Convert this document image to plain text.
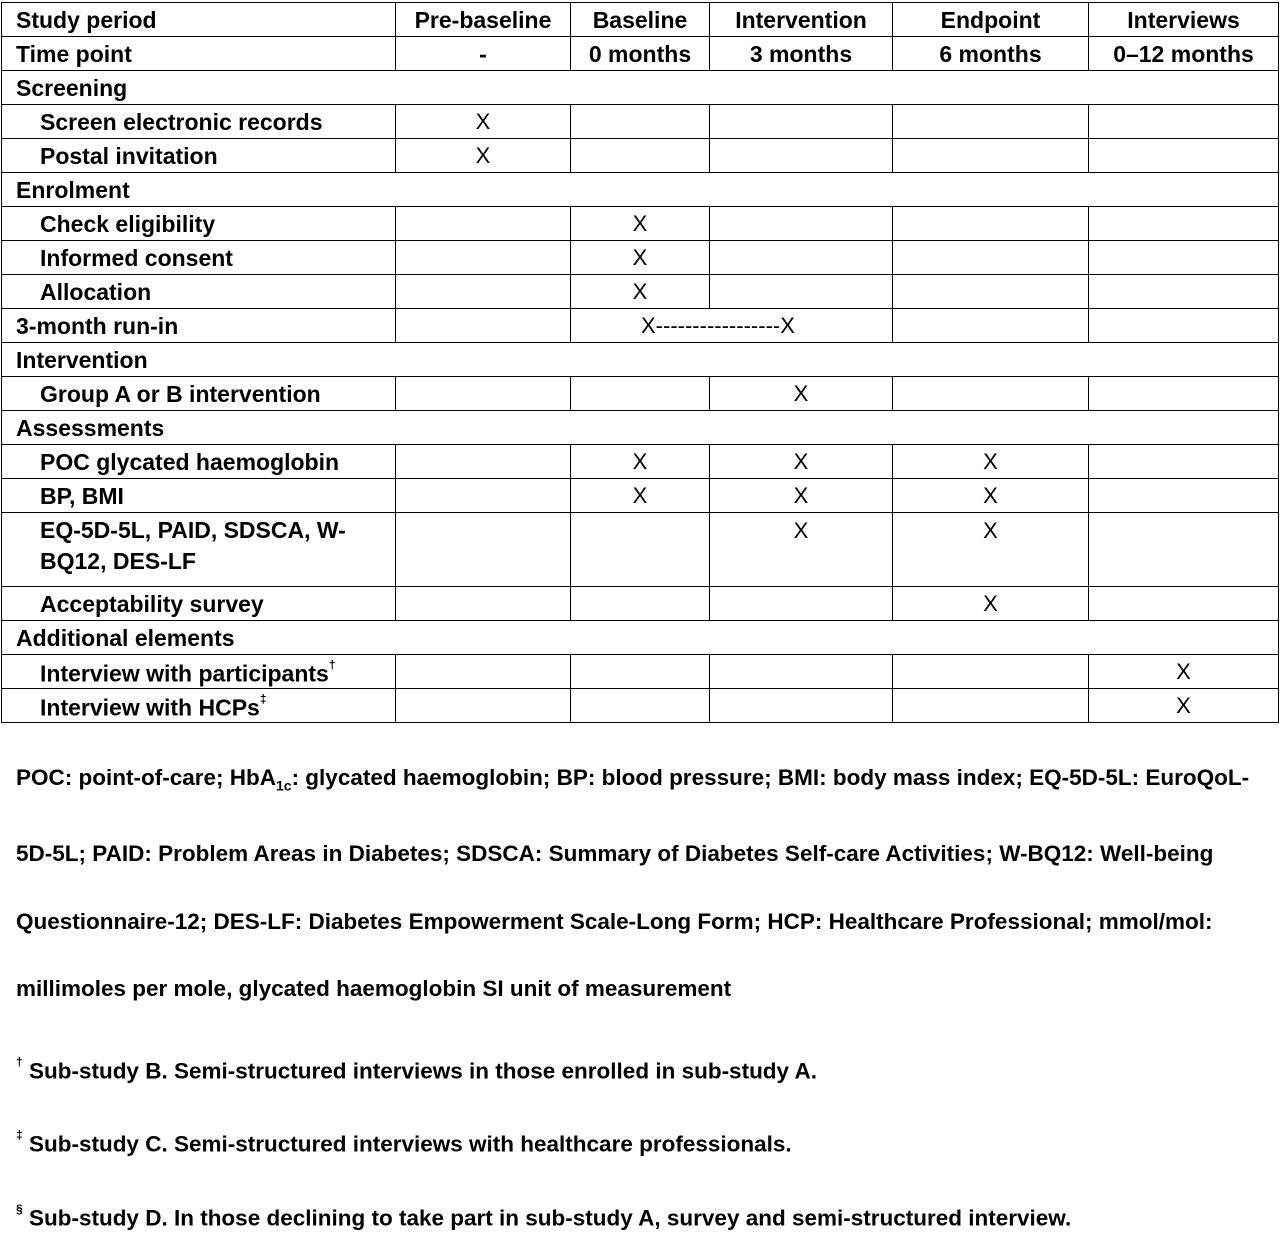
Study period	Pre-baseline	Baseline	Intervention	Endpoint	Interviews
Time point	-	0 months	3 months	6 months	0–12 months
Screening					
Screen electronic records	X				
Postal invitation	X				
Enrolment					
Check eligibility		X			
Informed consent		X			
Allocation		X			
3-month run-in		X-----------------X			
Intervention					
Group A or B intervention			X		
Assessments					
POC glycated haemoglobin		X	X	X	
BP, BMI		X	X	X	
EQ-5D-5L, PAID, SDSCA, W-BQ12, DES-LF			X	X	
Acceptability survey				X	
Additional elements					
Interview with participants†					X
Interview with HCPs‡					X

POC: point-of-care; HbA$_{1c}$: glycated haemoglobin; BP: blood pressure; BMI: body mass index; EQ-5D-5L: EuroQoL-5D-5L; PAID: Problem Areas in Diabetes; SDSCA: Summary of Diabetes Self-care Activities; W-BQ12: Well-being Questionnaire-12; DES-LF: Diabetes Empowerment Scale-Long Form; HCP: Healthcare Professional; mmol/mol: millimoles per mole, glycated haemoglobin SI unit of measurement

† Sub-study B. Semi-structured interviews in those enrolled in sub-study A.

‡ Sub-study C. Semi-structured interviews with healthcare professionals.

§ Sub-study D. In those declining to take part in sub-study A, survey and semi-structured interview.
